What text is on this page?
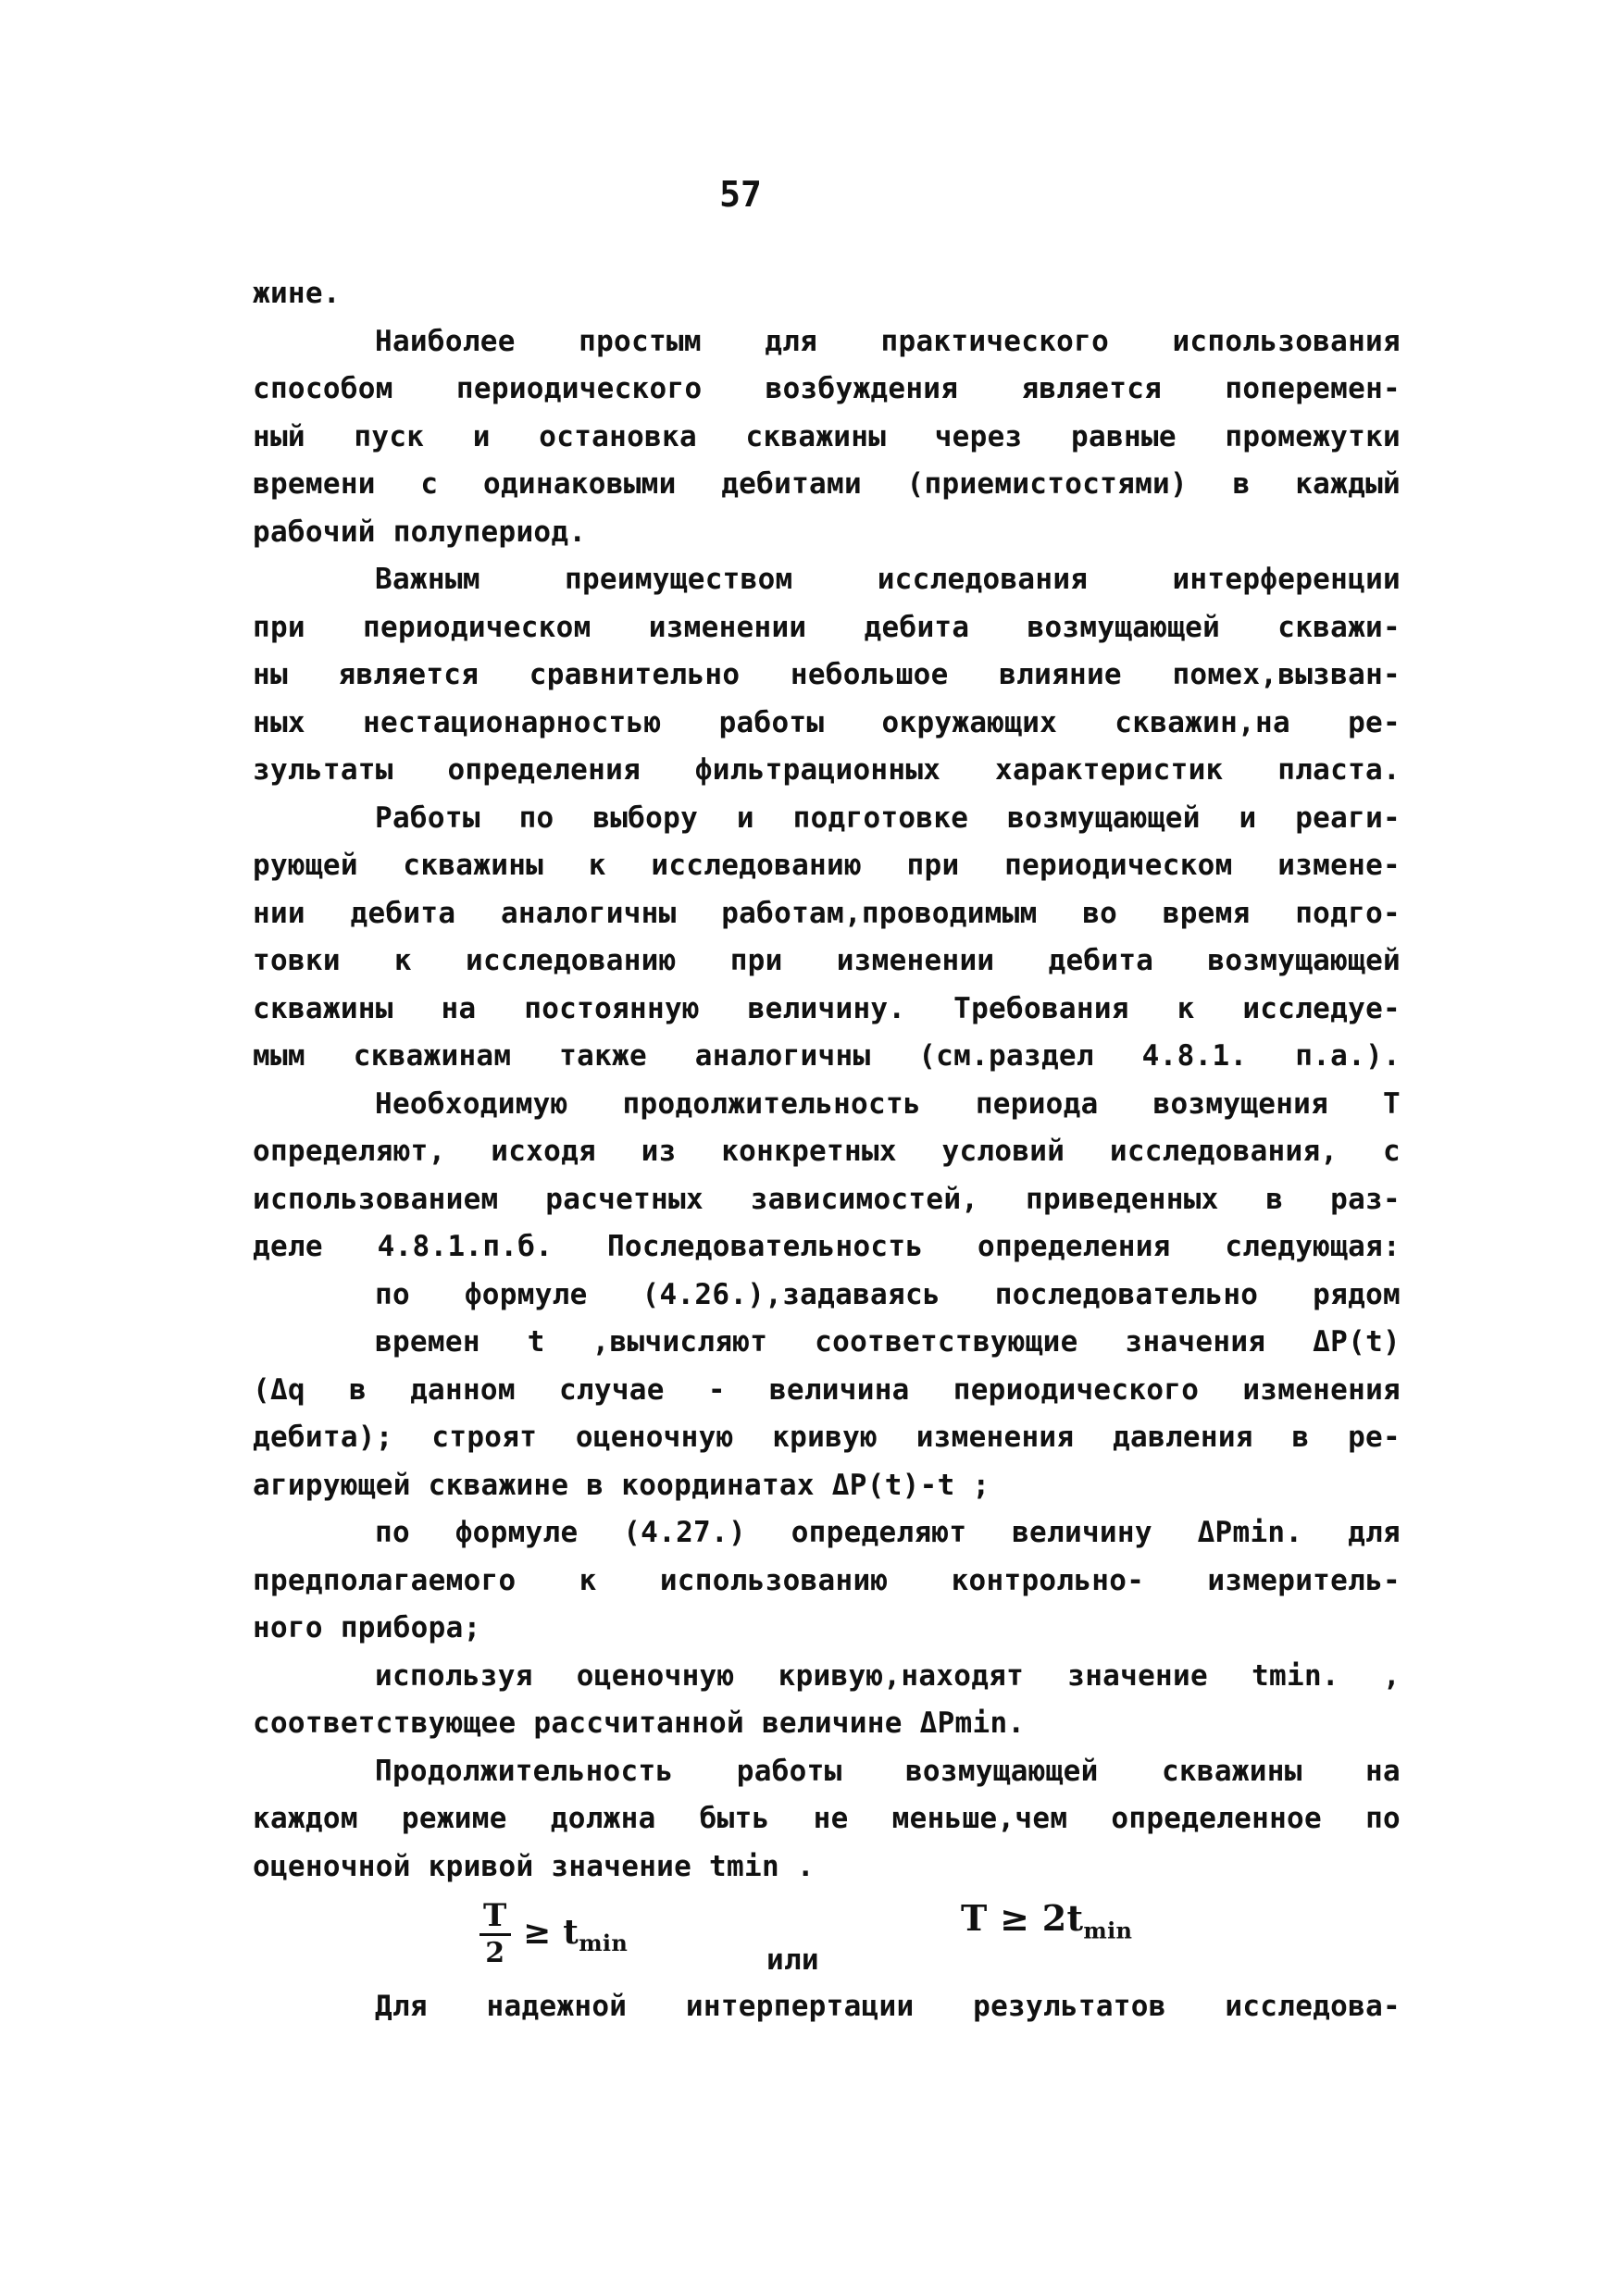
57
жине.
Наиболее простым для практического использования
способом периодического возбуждения является поперемен-
ный пуск и остановка скважины через равные промежутки
времени с одинаковыми дебитами (приемистостями) в каждый
рабочий полупериод.
Важным преимуществом исследования интерференции
при периодическом изменении дебита возмущающей скважи-
ны является сравнительно небольшое влияние помех,вызван-
ных нестационарностью работы окружающих скважин,на ре-
зультаты определения фильтрационных характеристик пласта.
Работы по выбору и подготовке возмущающей и реаги-
рующей скважины к исследованию при периодическом измене-
нии дебита аналогичны работам,проводимым во время подго-
товки к исследованию при изменении дебита возмущающей
скважины на постоянную величину. Требования к исследуе-
мым скважинам также аналогичны (см.раздел 4.8.1. п.а.).
Необходимую продолжительность периода возмущения T
определяют, исходя из конкретных условий исследования, с
использованием расчетных зависимостей, приведенных в раз-
деле 4.8.1.п.б. Последовательность определения следующая:
по формуле (4.26.),задаваясь последовательно рядом
времен t ,вычисляют соответствующие значения ΔP(t)
(Δq в данном случае - величина периодического изменения
дебита); строят оценочную кривую изменения давления в ре-
агирующей скважине в координатах ΔP(t)-t ;
по формуле (4.27.) определяют величину ΔPmin. для
предполагаемого к использованию контрольно- измеритель-
ного прибора;
используя оценочную кривую,находят значение tmin. ,
соответствующее рассчитанной величине ΔPmin.
Продолжительность работы возмущающей скважины на
каждом режиме должна быть не меньше,чем определенное по
оценочной кривой значение tmin .
$\frac{T}{2} \ge t_{min}$
или
$T \ge 2t_{min}$
Для надежной интерпертации результатов исследова-
